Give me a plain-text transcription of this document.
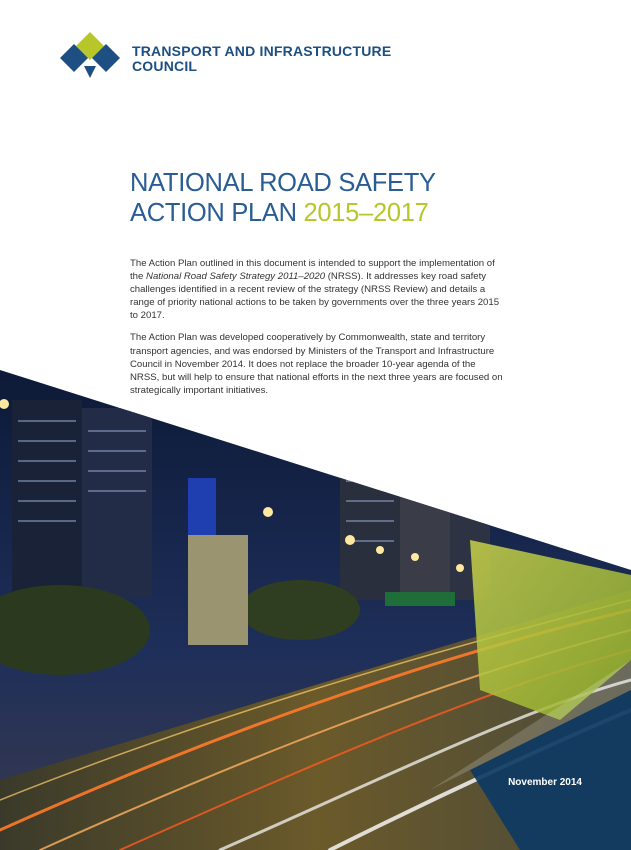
TRANSPORT AND INFRASTRUCTURE
COUNCIL
NATIONAL ROAD SAFETY
ACTION PLAN 2015–2017

The Action Plan outlined in this document is intended to support the implementation of the National Road Safety Strategy 2011–2020 (NRSS). It addresses key road safety challenges identified in a recent review of the strategy (NRSS Review) and details a range of priority national actions to be taken by governments over the three years 2015 to 2017.

The Action Plan was developed cooperatively by Commonwealth, state and territory transport agencies, and was endorsed by Ministers of the Transport and Infrastructure Council in November 2014. It does not replace the broader 10-year agenda of the NRSS, but will help to ensure that national efforts in the next three years are focused on strategically important initiatives.

November 2014
